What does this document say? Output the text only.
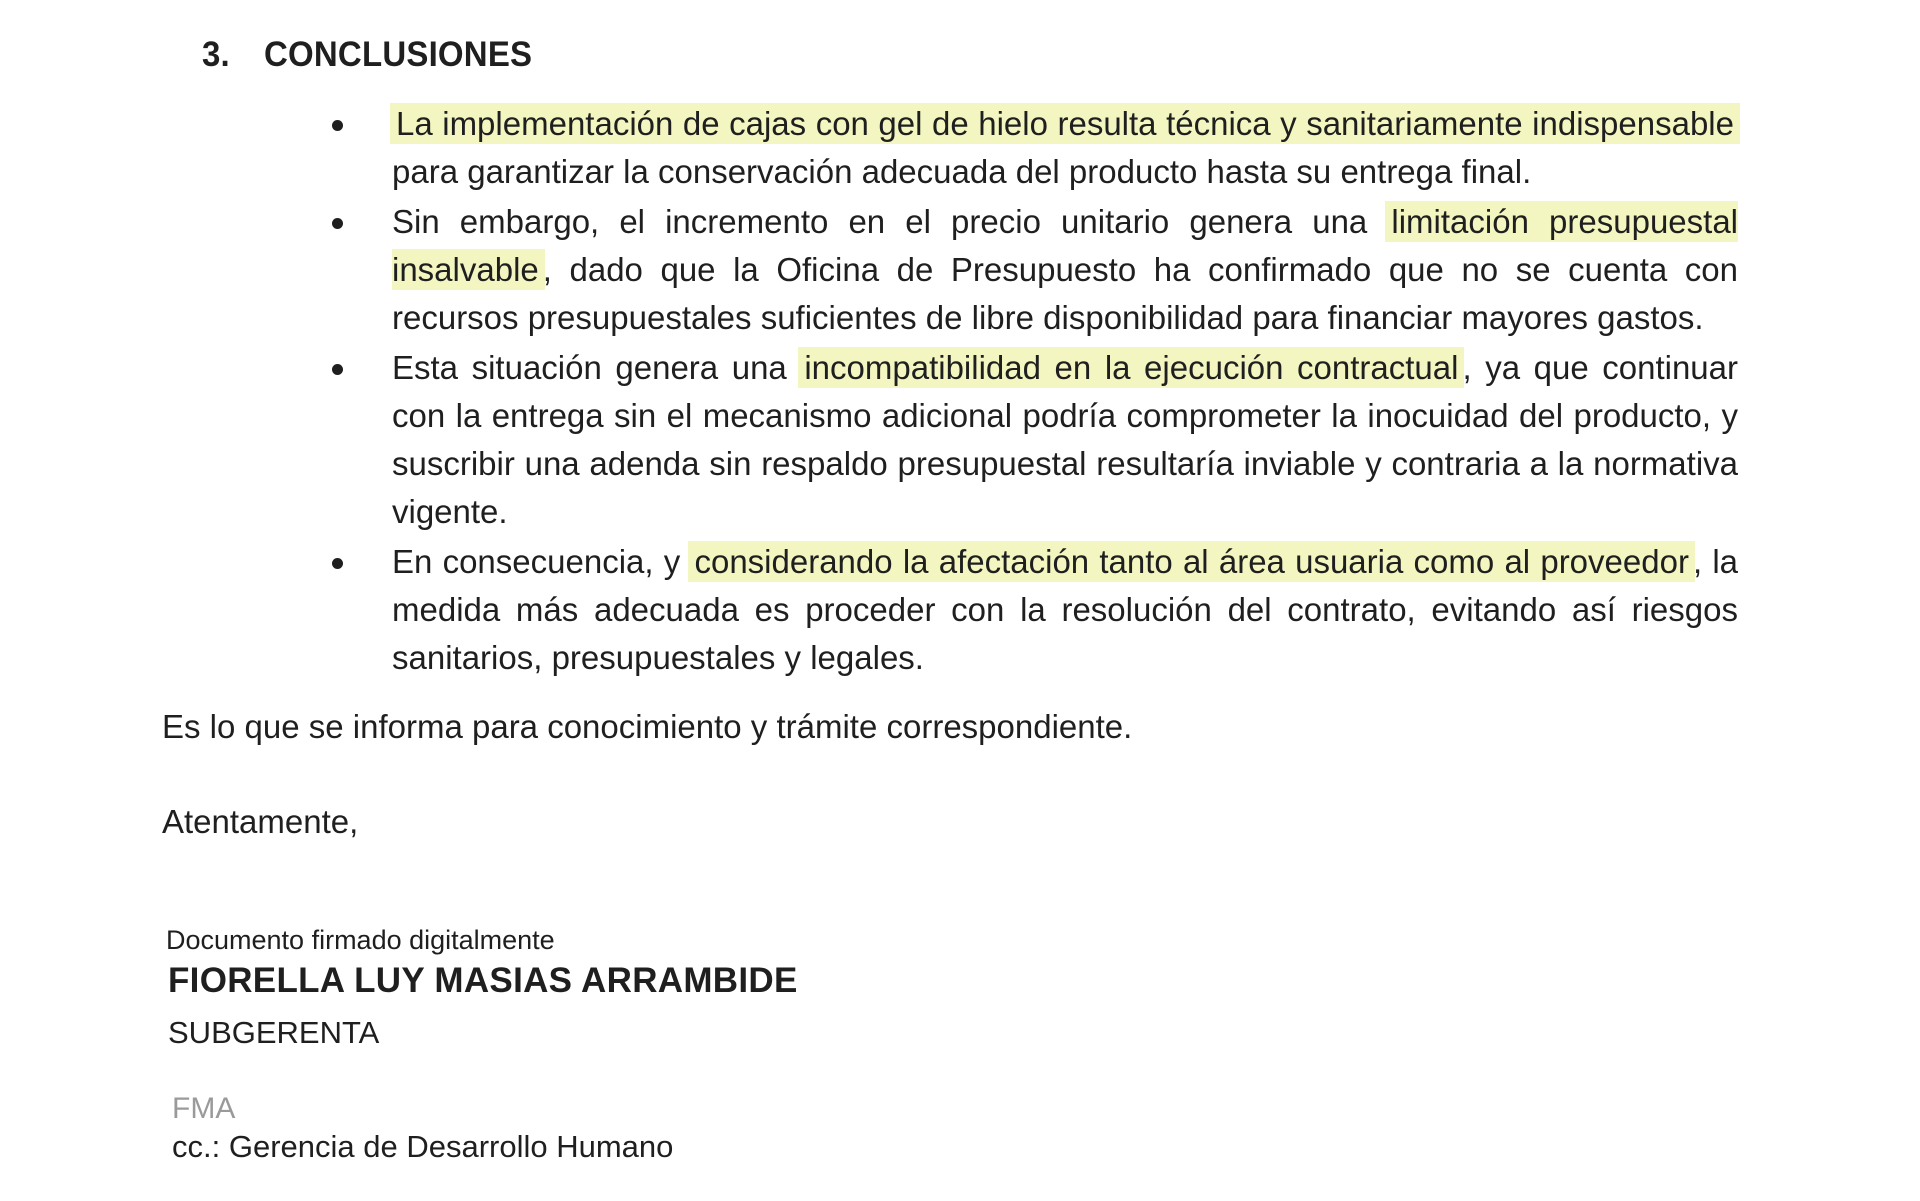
3. CONCLUSIONES
La implementación de cajas con gel de hielo resulta técnica y sanitariamente indispensable para garantizar la conservación adecuada del producto hasta su entrega final.
Sin embargo, el incremento en el precio unitario genera una limitación presupuestal insalvable , dado que la Oficina de Presupuesto ha confirmado que no se cuenta con recursos presupuestales suficientes de libre disponibilidad para financiar mayores gastos.
Esta situación genera una incompatibilidad en la ejecución contractual , ya que continuar con la entrega sin el mecanismo adicional podría comprometer la inocuidad del producto, y suscribir una adenda sin respaldo presupuestal resultaría inviable y contraria a la normativa vigente.
En consecuencia, y considerando la afectación tanto al área usuaria como al proveedor , la medida más adecuada es proceder con la resolución del contrato, evitando así riesgos sanitarios, presupuestales y legales.
Es lo que se informa para conocimiento y trámite correspondiente.
Atentamente,
Documento firmado digitalmente
FIORELLA LUY MASIAS ARRAMBIDE
SUBGERENTA
FMA
cc.: Gerencia de Desarrollo Humano
